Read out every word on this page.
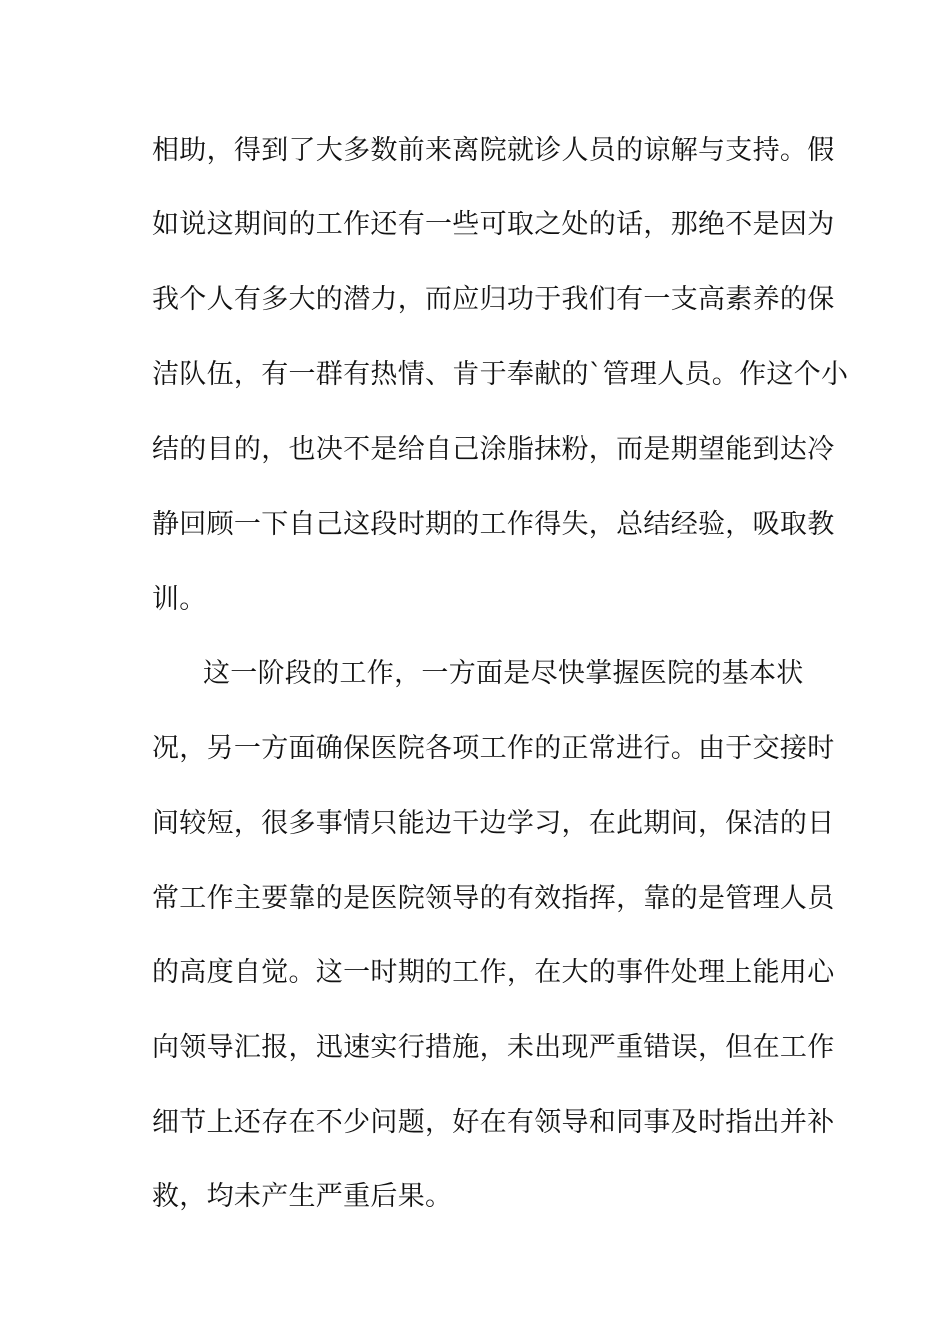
相助，得到了大多数前来离院就诊人员的谅解与支持。假
如说这期间的工作还有一些可取之处的话，那绝不是因为
我个人有多大的潜力，而应归功于我们有一支高素养的保
洁队伍，有一群有热情、肯于奉献的`管理人员。作这个小
结的目的，也决不是给自己涂脂抹粉，而是期望能到达冷
静回顾一下自己这段时期的工作得失，总结经验，吸取教
训。
这一阶段的工作，一方面是尽快掌握医院的基本状
况，另一方面确保医院各项工作的正常进行。由于交接时
间较短，很多事情只能边干边学习，在此期间，保洁的日
常工作主要靠的是医院领导的有效指挥，靠的是管理人员
的高度自觉。这一时期的工作，在大的事件处理上能用心
向领导汇报，迅速实行措施，未出现严重错误，但在工作
细节上还存在不少问题，好在有领导和同事及时指出并补
救，均未产生严重后果。
